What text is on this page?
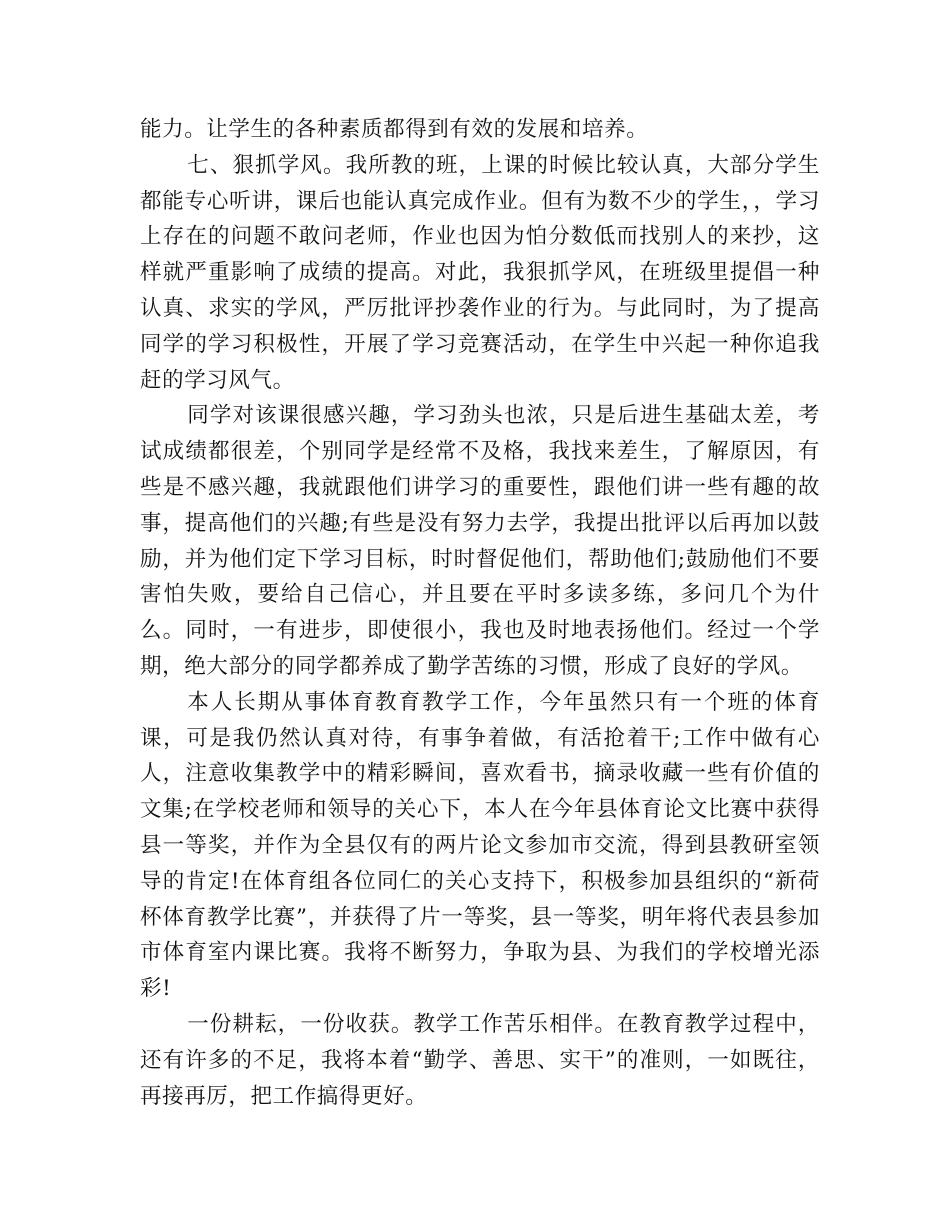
能力。让学生的各种素质都得到有效的发展和培养。

七、狠抓学风。我所教的班，上课的时候比较认真，大部分学生都能专心听讲，课后也能认真完成作业。但有为数不少的学生，，学习上存在的问题不敢问老师，作业也因为怕分数低而找别人的来抄，这样就严重影响了成绩的提高。对此，我狠抓学风，在班级里提倡一种认真、求实的学风，严厉批评抄袭作业的行为。与此同时，为了提高同学的学习积极性，开展了学习竞赛活动，在学生中兴起一种你追我赶的学习风气。

同学对该课很感兴趣，学习劲头也浓，只是后进生基础太差，考试成绩都很差，个别同学是经常不及格，我找来差生，了解原因，有些是不感兴趣，我就跟他们讲学习的重要性，跟他们讲一些有趣的故事，提高他们的兴趣;有些是没有努力去学，我提出批评以后再加以鼓励，并为他们定下学习目标，时时督促他们，帮助他们;鼓励他们不要害怕失败，要给自己信心，并且要在平时多读多练，多问几个为什么。同时，一有进步，即使很小，我也及时地表扬他们。经过一个学期，绝大部分的同学都养成了勤学苦练的习惯，形成了良好的学风。

本人长期从事体育教育教学工作，今年虽然只有一个班的体育课，可是我仍然认真对待，有事争着做，有活抢着干;工作中做有心人，注意收集教学中的精彩瞬间，喜欢看书，摘录收藏一些有价值的文集;在学校老师和领导的关心下，本人在今年县体育论文比赛中获得县一等奖，并作为全县仅有的两片论文参加市交流，得到县教研室领导的肯定!在体育组各位同仁的关心支持下，积极参加县组织的“新荷杯体育教学比赛”，并获得了片一等奖，县一等奖，明年将代表县参加市体育室内课比赛。我将不断努力，争取为县、为我们的学校增光添彩!

一份耕耘，一份收获。教学工作苦乐相伴。在教育教学过程中，还有许多的不足，我将本着“勤学、善思、实干”的准则，一如既往，再接再厉，把工作搞得更好。
